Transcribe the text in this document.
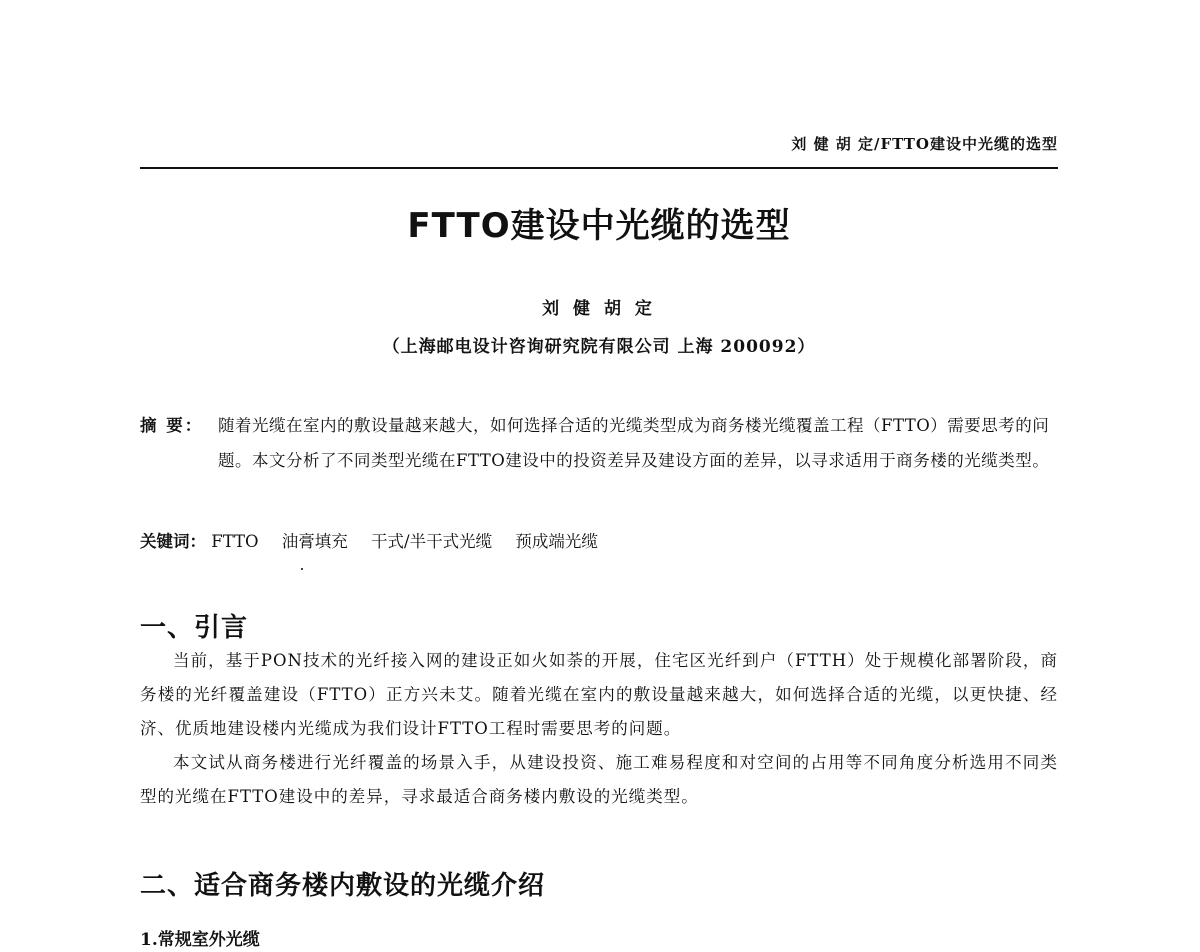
刘 健 胡 定/FTTO建设中光缆的选型
FTTO建设中光缆的选型
刘 健 胡 定
（上海邮电设计咨询研究院有限公司 上海 200092）
摘 要： 随着光缆在室内的敷设量越来越大，如何选择合适的光缆类型成为商务楼光缆覆盖工程（FTTO）需要思考的问题。本文分析了不同类型光缆在FTTO建设中的投资差异及建设方面的差异，以寻求适用于商务楼的光缆类型。
关键词： FTTO 油膏填充 干式/半干式光缆 预成端光缆
一、引言

当前，基于PON技术的光纤接入网的建设正如火如荼的开展，住宅区光纤到户（FTTH）处于规模化部署阶段，商务楼的光纤覆盖建设（FTTO）正方兴未艾。随着光缆在室内的敷设量越来越大，如何选择合适的光缆，以更快捷、经济、优质地建设楼内光缆成为我们设计FTTO工程时需要思考的问题。

本文试从商务楼进行光纤覆盖的场景入手，从建设投资、施工难易程度和对空间的占用等不同角度分析选用不同类型的光缆在FTTO建设中的差异，寻求最适合商务楼内敷设的光缆类型。

二、适合商务楼内敷设的光缆介绍
1.常规室外光缆
